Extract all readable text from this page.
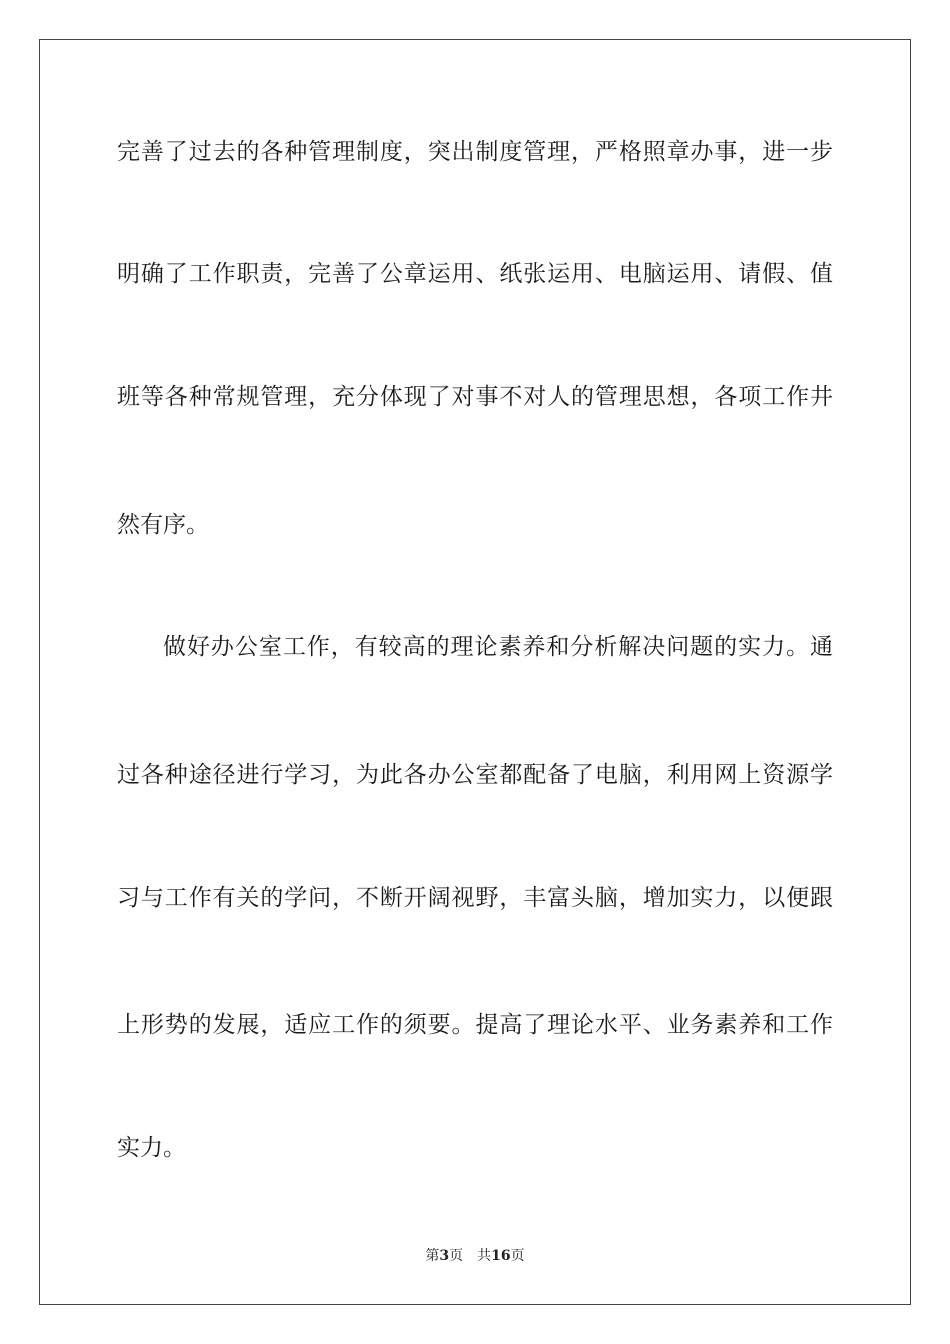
完善了过去的各种管理制度，突出制度管理，严格照章办事，进一步
明确了工作职责，完善了公章运用、纸张运用、电脑运用、请假、值
班等各种常规管理，充分体现了对事不对人的管理思想，各项工作井
然有序。
做好办公室工作，有较高的理论素养和分析解决问题的实力。通
过各种途径进行学习，为此各办公室都配备了电脑，利用网上资源学
习与工作有关的学问，不断开阔视野，丰富头脑，增加实力，以便跟
上形势的发展，适应工作的须要。提高了理论水平、业务素养和工作
实力。
第3页 共16页
